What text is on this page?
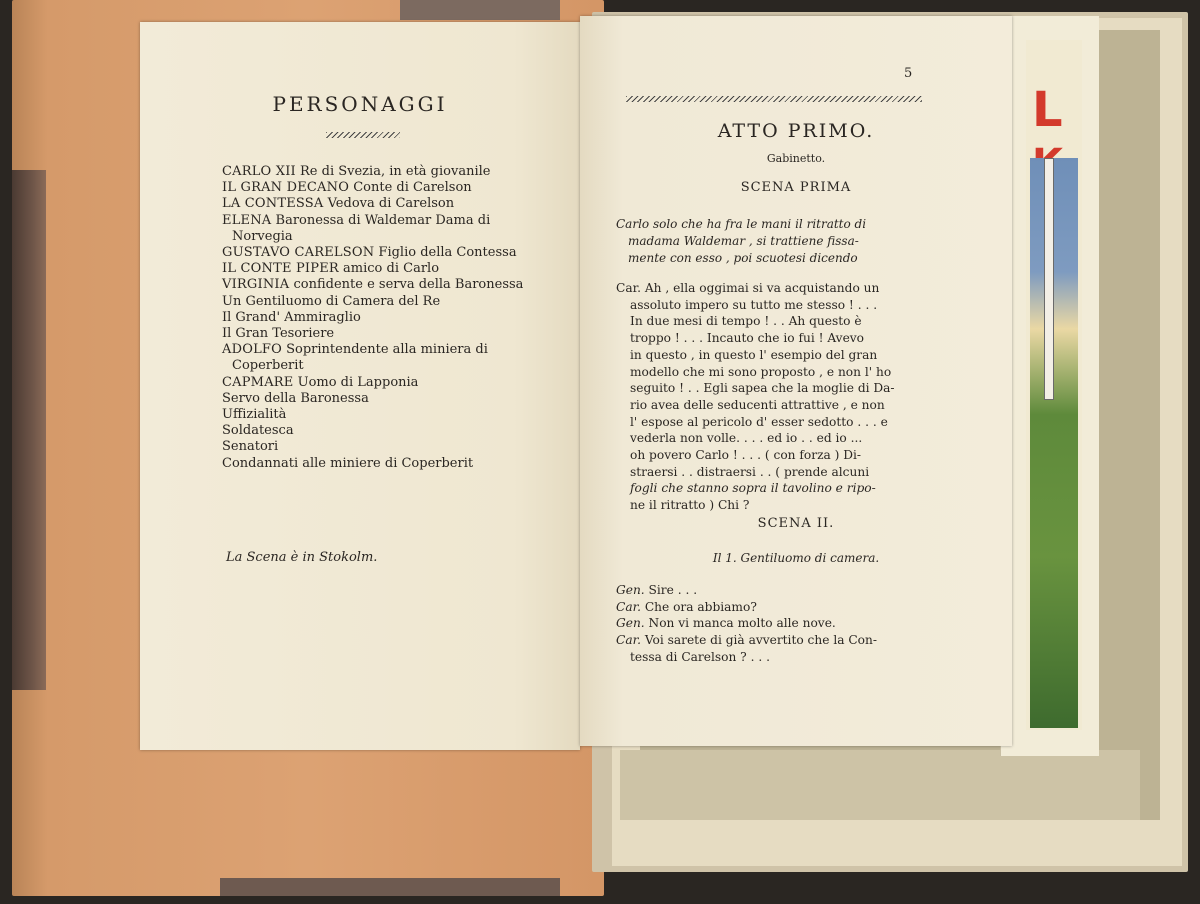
L
PERSONAGGI
CARLO XII Re di Svezia, in età giovanile
IL GRAN DECANO Conte di Carelson
LA CONTESSA Vedova di Carelson
ELENA Baronessa di Waldemar Dama di
Norvegia
GUSTAVO CARELSON Figlio della Contessa
IL CONTE PIPER amico di Carlo
VIRGINIA confidente e serva della Baronessa
Un Gentiluomo di Camera del Re
Il Grand' Ammiraglio
Il Gran Tesoriere
ADOLFO Soprintendente alla miniera di
Coperberit
CAPMARE Uomo di Lapponia
Servo della Baronessa
Uffizialità
Soldatesca
Senatori
Condannati alle miniere di Coperberit
La Scena è in Stokolm.
5
ATTO PRIMO.
Gabinetto.
SCENA PRIMA
Carlo solo che ha fra le mani il ritratto di
madama Waldemar , si trattiene fissa-
mente con esso , poi scuotesi dicendo
Car. Ah , ella oggimai si va acquistando un
assoluto impero su tutto me stesso ! . . .
In due mesi di tempo ! . . Ah questo è
troppo ! . . . Incauto che io fui ! Avevo
in questo , in questo l' esempio del gran
modello che mi sono proposto , e non l' ho
seguito ! . . Egli sapea che la moglie di Da-
rio avea delle seducenti attrattive , e non
l' espose al pericolo d' esser sedotto . . . e
vederla non volle. . . . ed io . . ed io ...
oh povero Carlo ! . . . ( con forza ) Di-
straersi . . distraersi . . ( prende alcuni
fogli che stanno sopra il tavolino e ripo-
ne il ritratto ) Chi ?
SCENA II.
Il 1. Gentiluomo di camera.
Gen. Sire . . .
Car. Che ora abbiamo?
Gen. Non vi manca molto alle nove.
Car. Voi sarete di già avvertito che la Con-
tessa di Carelson ? . . .
